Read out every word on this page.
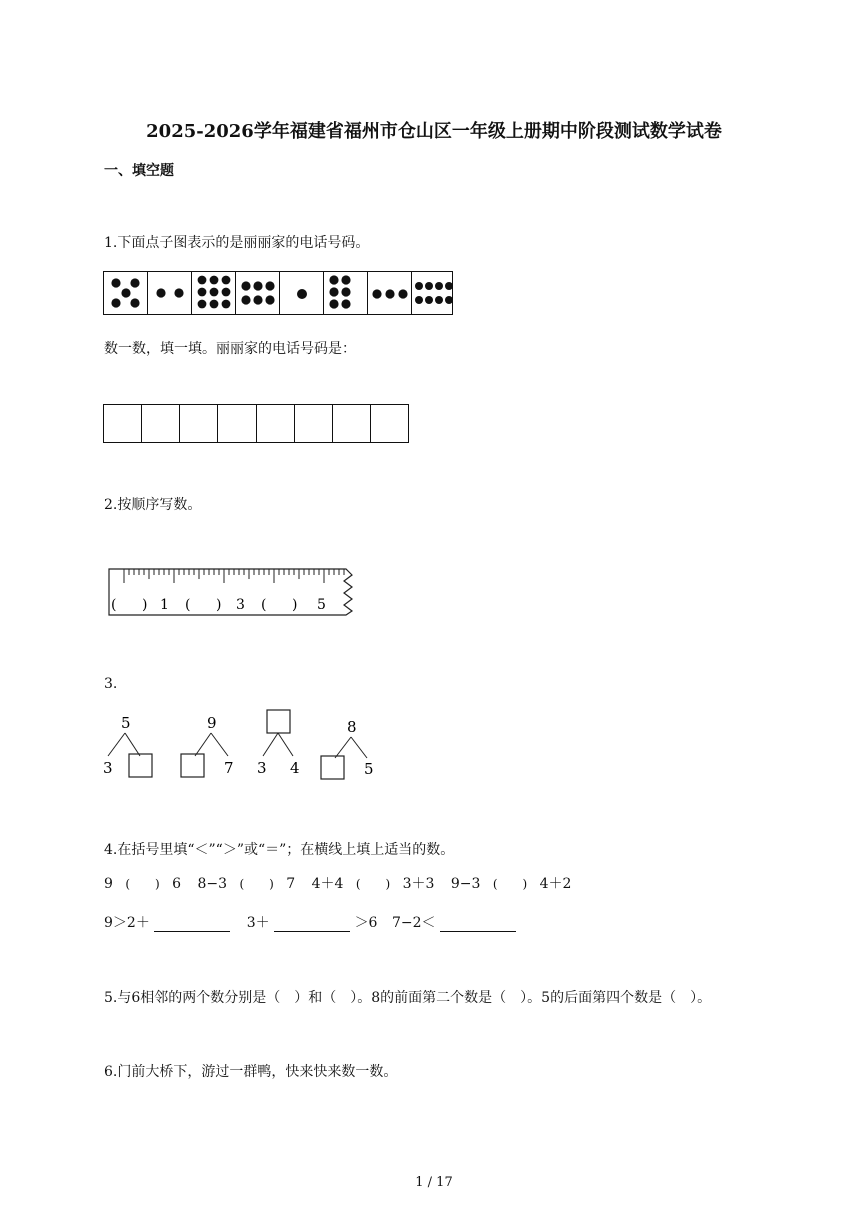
2025-2026学年福建省福州市仓山区一年级上册期中阶段测试数学试卷
一、填空题
1.下面点子图表示的是丽丽家的电话号码。
数一数，填一填。丽丽家的电话号码是：
2.按顺序写数。
( ) 1 ( ) 3 ( ) 5
3.
5
3
9
7 3 4
8
5
4.在括号里填“＜”“＞”或“＝”；在横线上填上适当的数。
9 ( ) 6 8−3 ( ) 7 4＋4 ( ) 3＋3 9−3 ( ) 4＋2
9＞2＋	3＋	＞6 7−2＜
5.与6相邻的两个数分别是（　）和（　）。8的前面第二个数是（　）。5的后面第四个数是（　）。
6.门前大桥下，游过一群鸭，快来快来数一数。
1 / 17
